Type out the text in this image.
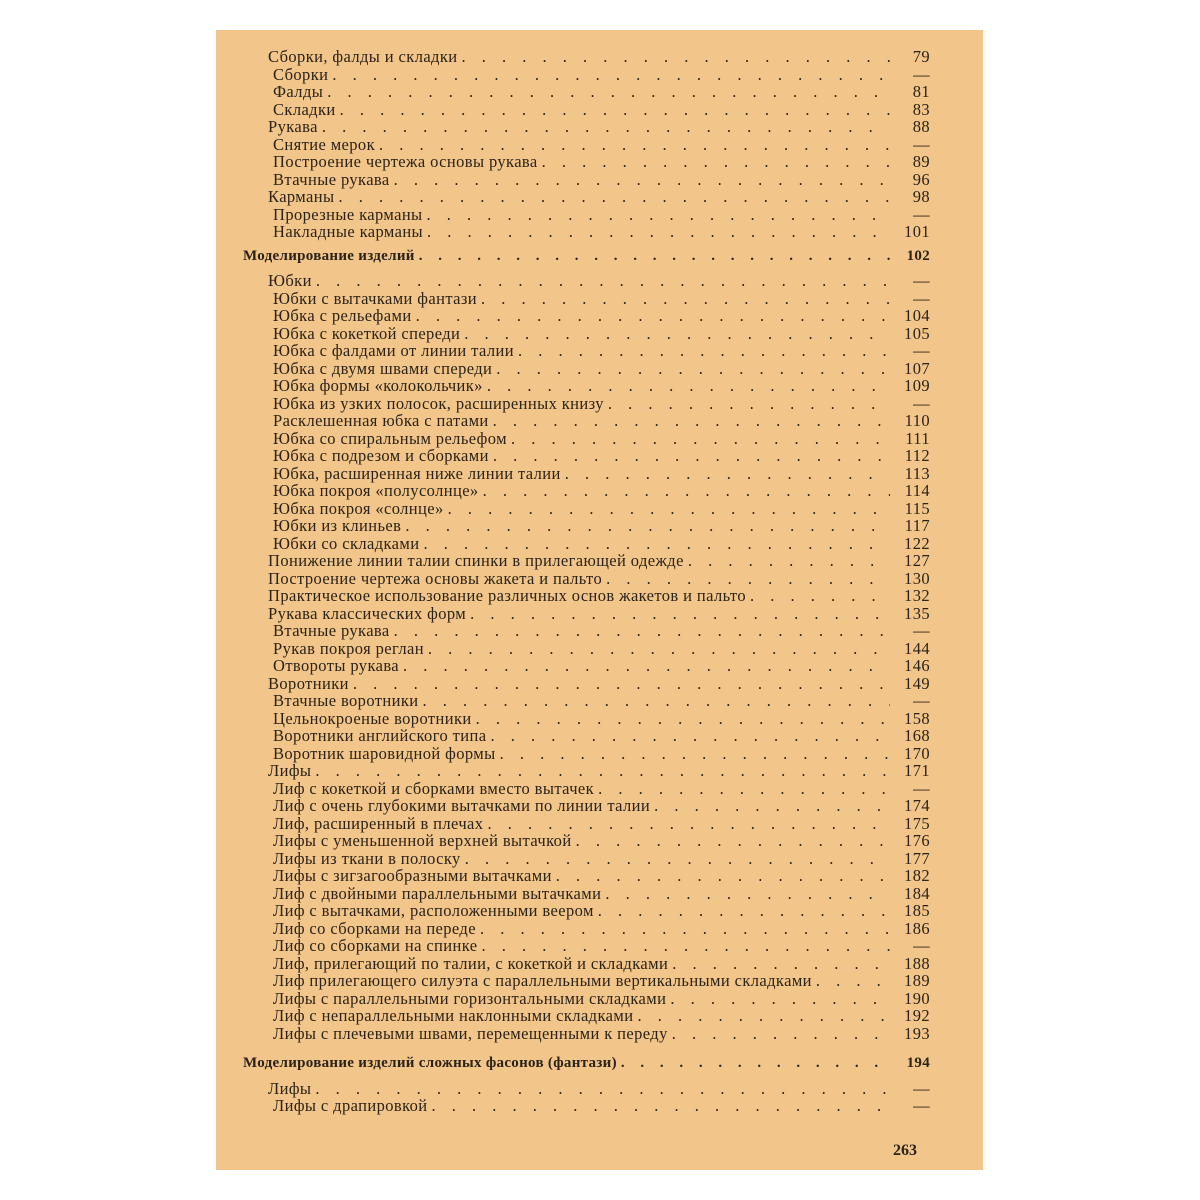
Сборки, фалды и складки . . .	79
Сборки . . .	—
Фалды . . .	81
Складки . . .	83
Рукава . . .	88
Снятие мерок . . .	—
Построение чертежа основы рукава . . .	89
Втачные рукава . . .	96
Карманы . . .	98
Прорезные карманы . . .	—
Накладные карманы . . .	101
Моделирование изделий . . .	102
Юбки . . .	—
Юбки с вытачками фантази . . .	—
Юбка с рельефами . . .	104
Юбка с кокеткой спереди . . .	105
Юбка с фалдами от линии талии . . .	—
Юбка с двумя швами спереди . . .	107
Юбка формы «колокольчик» . . .	109
Юбка из узких полосок, расширенных книзу . . .	—
Расклешенная юбка с патами . . .	110
Юбка со спиральным рельефом . . .	111
Юбка с подрезом и сборками . . .	112
Юбка, расширенная ниже линии талии . . .	113
Юбка покроя «полусолнце» . . .	114
Юбка покроя «солнце» . . .	115
Юбки из клиньев . . .	117
Юбки со складками . . .	122
Понижение линии талии спинки в прилегающей одежде . . .	127
Построение чертежа основы жакета и пальто . . .	130
Практическое использование различных основ жакетов и пальто . . .	132
Рукава классических форм . . .	135
Втачные рукава . . .	—
Рукав покроя реглан . . .	144
Отвороты рукава . . .	146
Воротники . . .	149
Втачные воротники . . .	—
Цельнокроеные воротники . . .	158
Воротники английского типа . . .	168
Воротник шаровидной формы . . .	170
Лифы . . .	171
Лиф с кокеткой и сборками вместо вытачек . . .	—
Лиф с очень глубокими вытачками по линии талии . . .	174
Лиф, расширенный в плечах . . .	175
Лифы с уменьшенной верхней вытачкой . . .	176
Лифы из ткани в полоску . . .	177
Лифы с зигзагообразными вытачками . . .	182
Лиф с двойными параллельными вытачками . . .	184
Лиф с вытачками, расположенными веером . . .	185
Лиф со сборками на переде . . .	186
Лиф со сборками на спинке . . .	—
Лиф, прилегающий по талии, с кокеткой и складками . . .	188
Лиф прилегающего силуэта с параллельными вертикальными складками . . .	189
Лифы с параллельными горизонтальными складками . . .	190
Лиф с непараллельными наклонными складками . . .	192
Лифы с плечевыми швами, перемещенными к переду . . .	193
Моделирование изделий сложных фасонов (фантази) . . .	194
Лифы . . .	—
Лифы с драпировкой . . .	—
263
